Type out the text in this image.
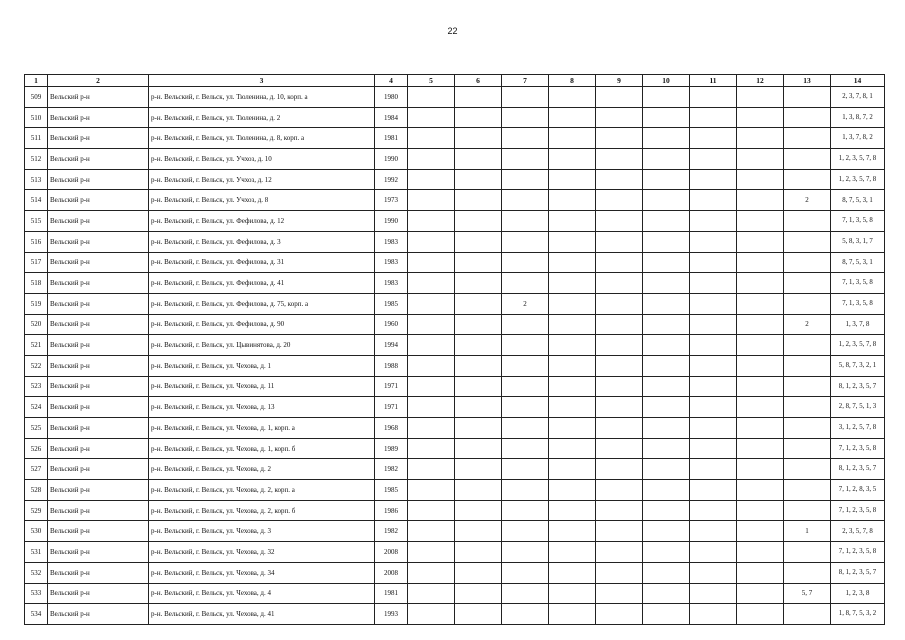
22
1	2	3	4	5	6	7	8	9	10	11	12	13	14
509	Вельский р-н	р-н. Вельский, г. Вельск, ул. Тюленина, д. 10, корп. а	1980										2, 3, 7, 8, 1
510	Вельский р-н	р-н. Вельский, г. Вельск, ул. Тюленина, д. 2	1984										1, 3, 8, 7, 2
511	Вельский р-н	р-н. Вельский, г. Вельск, ул. Тюленина, д. 8, корп. а	1981										1, 3, 7, 8, 2
512	Вельский р-н	р-н. Вельский, г. Вельск, ул. Учхоз, д. 10	1990										1, 2, 3, 5, 7, 8
513	Вельский р-н	р-н. Вельский, г. Вельск, ул. Учхоз, д. 12	1992										1, 2, 3, 5, 7, 8
514	Вельский р-н	р-н. Вельский, г. Вельск, ул. Учхоз, д. 8	1973									2	8, 7, 5, 3, 1
515	Вельский р-н	р-н. Вельский, г. Вельск, ул. Фефилова, д. 12	1990										7, 1, 3, 5, 8
516	Вельский р-н	р-н. Вельский, г. Вельск, ул. Фефилова, д. 3	1983										5, 8, 3, 1, 7
517	Вельский р-н	р-н. Вельский, г. Вельск, ул. Фефилова, д. 31	1983										8, 7, 5, 3, 1
518	Вельский р-н	р-н. Вельский, г. Вельск, ул. Фефилова, д. 41	1983										7, 1, 3, 5, 8
519	Вельский р-н	р-н. Вельский, г. Вельск, ул. Фефилова, д. 75, корп. а	1985			2							7, 1, 3, 5, 8
520	Вельский р-н	р-н. Вельский, г. Вельск, ул. Фефилова, д. 90	1960									2	1, 3, 7, 8
521	Вельский р-н	р-н. Вельский, г. Вельск, ул. Цывинятова, д. 20	1994										1, 2, 3, 5, 7, 8
522	Вельский р-н	р-н. Вельский, г. Вельск, ул. Чехова, д. 1	1988										5, 8, 7, 3, 2, 1
523	Вельский р-н	р-н. Вельский, г. Вельск, ул. Чехова, д. 11	1971										8, 1, 2, 3, 5, 7
524	Вельский р-н	р-н. Вельский, г. Вельск, ул. Чехова, д. 13	1971										2, 8, 7, 5, 1, 3
525	Вельский р-н	р-н. Вельский, г. Вельск, ул. Чехова, д. 1, корп. а	1968										3, 1, 2, 5, 7, 8
526	Вельский р-н	р-н. Вельский, г. Вельск, ул. Чехова, д. 1, корп. б	1989										7, 1, 2, 3, 5, 8
527	Вельский р-н	р-н. Вельский, г. Вельск, ул. Чехова, д. 2	1982										8, 1, 2, 3, 5, 7
528	Вельский р-н	р-н. Вельский, г. Вельск, ул. Чехова, д. 2, корп. а	1985										7, 1, 2, 8, 3, 5
529	Вельский р-н	р-н. Вельский, г. Вельск, ул. Чехова, д. 2, корп. б	1986										7, 1, 2, 3, 5, 8
530	Вельский р-н	р-н. Вельский, г. Вельск, ул. Чехова, д. 3	1982									1	2, 3, 5, 7, 8
531	Вельский р-н	р-н. Вельский, г. Вельск, ул. Чехова, д. 32	2008										7, 1, 2, 3, 5, 8
532	Вельский р-н	р-н. Вельский, г. Вельск, ул. Чехова, д. 34	2008										8, 1, 2, 3, 5, 7
533	Вельский р-н	р-н. Вельский, г. Вельск, ул. Чехова, д. 4	1981									5, 7	1, 2, 3, 8
534	Вельский р-н	р-н. Вельский, г. Вельск, ул. Чехова, д. 41	1993										1, 8, 7, 5, 3, 2
